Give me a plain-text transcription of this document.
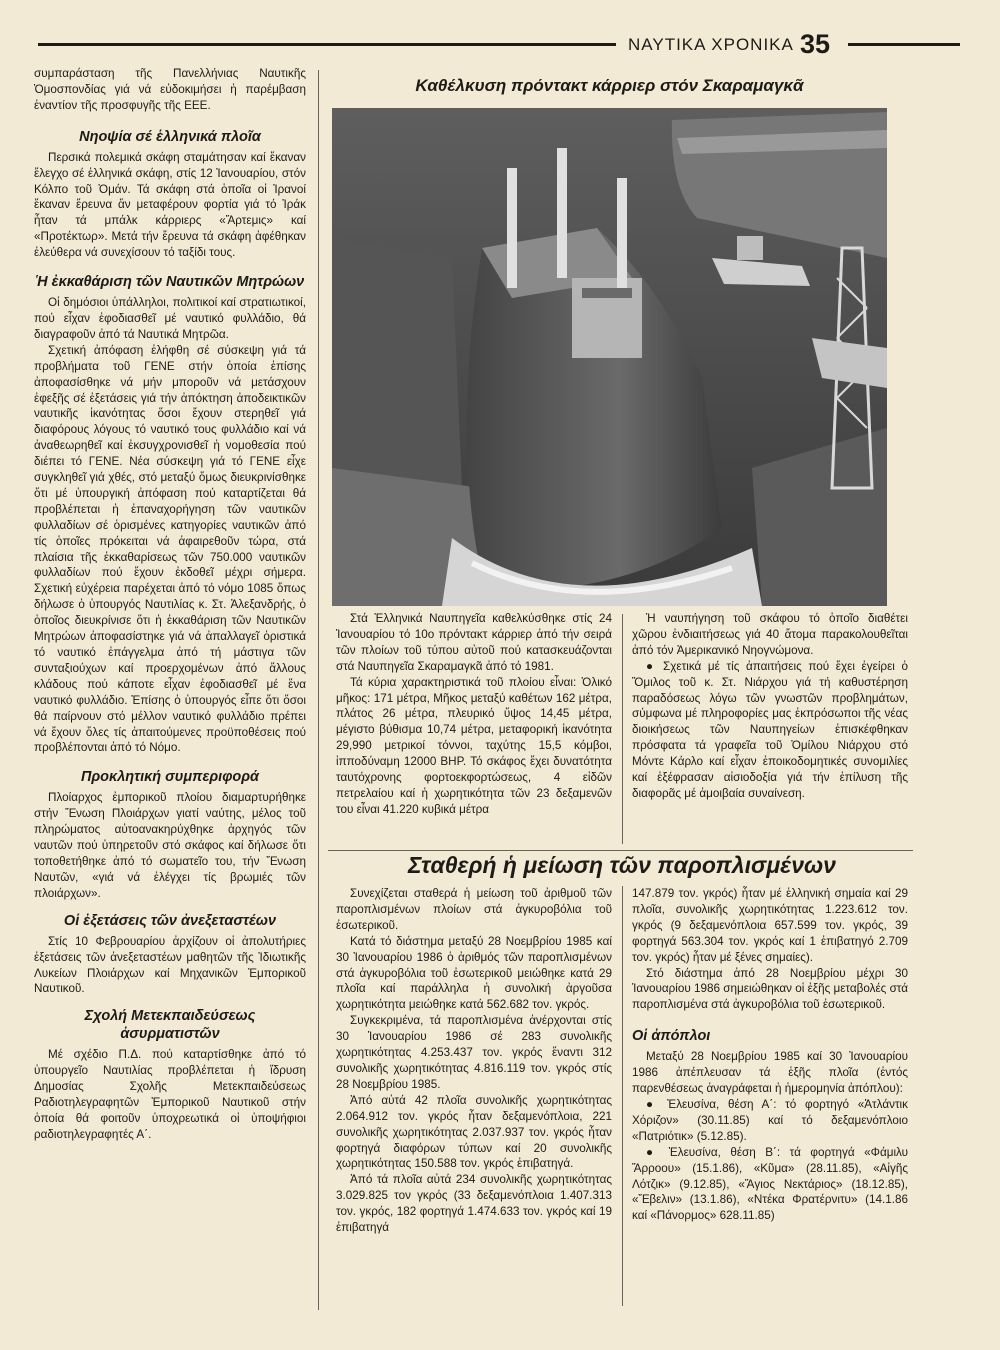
ΝΑΥΤΙΚΑ ΧΡΟΝΙΚΑ 35

συμπαράσταση τῆς Πανελλήνιας Ναυτικῆς Ὁμοσπονδίας γιά νά εὐδοκιμήσει ἡ παρέμβαση ἐναντίον τῆς προσφυγῆς τῆς ΕΕΕ.

Νηοψία σέ ἑλληνικά πλοῖα

Περσικά πολεμικά σκάφη σταμάτησαν καί ἔκαναν ἔλεγχο σέ ἑλληνικά σκάφη, στίς 12 Ἰανουαρίου, στόν Κόλπο τοῦ Ὀμάν. Τά σκάφη στά ὁποῖα οἱ Ἰρανοί ἔκαναν ἔρευνα ἄν μεταφέρουν φορτία γιά τό Ἰράκ ἦταν τά μπάλκ κάρριερς «Ἄρτεμις» καί «Προτέκτωρ». Μετά τήν ἔρευνα τά σκάφη ἀφέθηκαν ἐλεύθερα νά συνεχίσουν τό ταξίδι τους.

Ἡ ἐκκαθάριση τῶν Ναυτικῶν Μητρώων

Οἱ δημόσιοι ὑπάλληλοι, πολιτικοί καί στρατιωτικοί, πού εἶχαν ἐφοδιασθεῖ μέ ναυτικό φυλλάδιο, θά διαγραφοῦν ἀπό τά Ναυτικά Μητρῶα.

Σχετική ἀπόφαση ἐλήφθη σέ σύσκεψη γιά τά προβλήματα τοῦ ΓΕΝΕ στήν ὁποία ἐπίσης ἀποφασίσθηκε νά μήν μποροῦν νά μετάσχουν ἐφεξῆς σέ ἐξετάσεις γιά τήν ἀπόκτηση ἀποδεικτικῶν ναυτικῆς ἱκανότητας ὅσοι ἔχουν στερηθεῖ γιά διαφόρους λόγους τό ναυτικό τους φυλλάδιο καί νά ἀναθεωρηθεῖ καί ἐκσυγχρονισθεῖ ἡ νομοθεσία πού διέπει τό ΓΕΝΕ. Νέα σύσκεψη γιά τό ΓΕΝΕ εἶχε συγκληθεῖ γιά χθές, στό μεταξύ ὅμως διευκρινίσθηκε ὅτι μέ ὑπουργική ἀπόφαση πού καταρτίζεται θά προβλέπεται ἡ ἐπαναχορήγηση τῶν ναυτικῶν φυλλαδίων σέ ὁρισμένες κατηγορίες ναυτικῶν ἀπό τίς ὁποῖες πρόκειται νά ἀφαιρεθοῦν τώρα, στά πλαίσια τῆς ἐκκαθαρίσεως τῶν 750.000 ναυτικῶν φυλλαδίων πού ἔχουν ἐκδοθεῖ μέχρι σήμερα. Σχετική εὐχέρεια παρέχεται ἀπό τό νόμο 1085 ὅπως δήλωσε ὁ ὑπουργός Ναυτιλίας κ. Στ. Ἀλεξανδρής, ὁ ὁποῖος διευκρίνισε ὅτι ἡ ἐκκαθάριση τῶν Ναυτικῶν Μητρώων ἀποφασίστηκε γιά νά ἀπαλλαγεῖ ὁριστικά τό ναυτικό ἐπάγγελμα ἀπό τή μάστιγα τῶν συνταξιούχων καί προερχομένων ἀπό ἄλλους κλάδους πού κάποτε εἶχαν ἐφοδιασθεῖ μέ ἕνα ναυτικό φυλλάδιο. Ἐπίσης ὁ ὑπουργός εἶπε ὅτι ὅσοι θά παίρνουν στό μέλλον ναυτικό φυλλάδιο πρέπει νά ἔχουν ὅλες τίς ἀπαιτούμενες προϋποθέσεις πού προβλέπονται ἀπό τό Νόμο.

Προκλητική συμπεριφορά

Πλοίαρχος ἐμπορικοῦ πλοίου διαμαρτυρήθηκε στήν Ἔνωση Πλοιάρχων γιατί ναύτης, μέλος τοῦ πληρώματος αὐτοανακηρύχθηκε ἀρχηγός τῶν ναυτῶν πού ὑπηρετοῦν στό σκάφος καί δήλωσε ὅτι τοποθετήθηκε ἀπό τό σωματεῖο του, τήν Ἔνωση Ναυτῶν, «γιά νά ἐλέγχει τίς βρωμιές τῶν πλοιάρχων».

Οἱ ἐξετάσεις τῶν ἀνεξεταστέων

Στίς 10 Φεβρουαρίου ἀρχίζουν οἱ ἀπολυτήριες ἐξετάσεις τῶν ἀνεξεταστέων μαθητῶν τῆς Ἰδιωτικῆς Λυκείων Πλοιάρχων καί Μηχανικῶν Ἐμπορικοῦ Ναυτικοῦ.

Σχολή Μετεκπαιδεύσεως ἀσυρματιστῶν

Μέ σχέδιο Π.Δ. πού καταρτίσθηκε ἀπό τό ὑπουργεῖο Ναυτιλίας προβλέπεται ἡ ἵδρυση Δημοσίας Σχολῆς Μετεκπαιδεύσεως Ραδιοτηλεγραφητῶν Ἐμπορικοῦ Ναυτικοῦ στήν ὁποία θά φοιτοῦν ὑποχρεωτικά οἱ ὑποψήφιοι ραδιοτηλεγραφητές Α΄.

Καθέλκυση πρόντακτ κάρριερ στόν Σκαραμαγκᾶ

Στά Ἑλληνικά Ναυπηγεῖα καθελκύσθηκε στίς 24 Ἰανουαρίου τό 10ο πρόντακτ κάρριερ ἀπό τήν σειρά τῶν πλοίων τοῦ τύπου αὐτοῦ πού κατασκευάζονται στά Ναυπηγεῖα Σκαραμαγκᾶ ἀπό τό 1981.

Τά κύρια χαρακτηριστικά τοῦ πλοίου εἶναι: Ὁλικό μῆκος: 171 μέτρα, Μῆκος μεταξύ καθέτων 162 μέτρα, πλάτος 26 μέτρα, πλευρικό ὕψος 14,45 μέτρα, μέγιστο βύθισμα 10,74 μέτρα, μεταφορική ἱκανότητα 29,990 μετρικοί τόννοι, ταχύτης 15,5 κόμβοι, ἱπποδύναμη 12000 BHP. Τό σκάφος ἔχει δυνατότητα ταυτόχρονης φορτοεκφορτώσεως, 4 εἰδῶν πετρελαίου καί ἡ χωρητικότητα τῶν 23 δεξαμενῶν του εἶναι 41.220 κυβικά μέτρα

Ἡ ναυπήγηση τοῦ σκάφου τό ὁποῖο διαθέτει χῶρου ἐνδιαιτήσεως γιά 40 ἄτομα παρακολουθεῖται ἀπό τόν Ἀμερικανικό Νηογνώμονα.

● Σχετικά μέ τίς ἀπαιτήσεις πού ἔχει ἐγείρει ὁ Ὅμιλος τοῦ κ. Στ. Νιάρχου γιά τή καθυστέρηση παραδόσεως λόγω τῶν γνωστῶν προβλημάτων, σύμφωνα μέ πληροφορίες μας ἐκπρόσωποι τῆς νέας διοικήσεως τῶν Ναυπηγείων ἐπισκέφθηκαν πρόσφατα τά γραφεῖα τοῦ Ὀμίλου Νιάρχου στό Μόντε Κάρλο καί εἶχαν ἐποικοδομητικές συνομιλίες καί ἐξέφρασαν αἰσιοδοξία γιά τήν ἐπίλυση τῆς διαφορᾶς μέ ἀμοιβαία συναίνεση.

Σταθερή ἡ μείωση τῶν παροπλισμένων

Συνεχίζεται σταθερά ἡ μείωση τοῦ ἀριθμοῦ τῶν παροπλισμένων πλοίων στά ἀγκυροβόλια τοῦ ἐσωτερικοῦ.

Κατά τό διάστημα μεταξύ 28 Νοεμβρίου 1985 καί 30 Ἰανουαρίου 1986 ὁ ἀριθμός τῶν παροπλισμένων στά ἀγκυροβόλια τοῦ ἐσωτερικοῦ μειώθηκε κατά 29 πλοῖα καί παράλληλα ἡ συνολική ἀργοῦσα χωρητικότητα μειώθηκε κατά 562.682 τον. γκρός.

Συγκεκριμένα, τά παροπλισμένα ἀνέρχονται στίς 30 Ἰανουαρίου 1986 σέ 283 συνολικῆς χωρητικότητας 4.253.437 τον. γκρός ἔναντι 312 συνολικῆς χωρητικότητας 4.816.119 τον. γκρός στίς 28 Νοεμβρίου 1985.

Ἀπό αὐτά 42 πλοῖα συνολικῆς χωρητικότητας 2.064.912 τον. γκρός ἦταν δεξαμενόπλοια, 221 συνολικῆς χωρητικότητας 2.037.937 τον. γκρός ἦταν φορτηγά διαφόρων τύπων καί 20 συνολικῆς χωρητικότητας 150.588 τον. γκρός ἐπιβατηγά.

Ἀπό τά πλοῖα αὐτά 234 συνολικῆς χωρητικότητας 3.029.825 τον γκρός (33 δεξαμενόπλοια 1.407.313 τον. γκρός, 182 φορτηγά 1.474.633 τον. γκρός καί 19 ἐπιβατηγά

147.879 τον. γκρός) ἦταν μέ ἑλληνική σημαία καί 29 πλοῖα, συνολικῆς χωρητικότητας 1.223.612 τον. γκρός (9 δεξαμενόπλοια 657.599 τον. γκρός, 39 φορτηγά 563.304 τον. γκρός καί 1 ἐπιβατηγό 2.709 τον. γκρός) ἦταν μέ ξένες σημαίες).

Στό διάστημα ἀπό 28 Νοεμβρίου μέχρι 30 Ἰανουαρίου 1986 σημειώθηκαν οἱ ἑξῆς μεταβολές στά παροπλισμένα στά ἀγκυροβόλια τοῦ ἐσωτερικοῦ.

Οἱ ἀπόπλοι

Μεταξύ 28 Νοεμβρίου 1985 καί 30 Ἰανουαρίου 1986 ἀπέπλευσαν τά ἑξῆς πλοῖα (ἐντός παρενθέσεως ἀναγράφεται ἡ ἡμερομηνία ἀπόπλου):

● Ἐλευσίνα, θέση Α΄: τό φορτηγό «Ἀτλάντικ Χόριζον» (30.11.85) καί τό δεξαμενόπλοιο «Πατριότικ» (5.12.85).

● Ἐλευσίνα, θέση Β΄: τά φορτηγά «Φάμιλυ Ἄρροου» (15.1.86), «Κῦμα» (28.11.85), «Αἰγῆς Λότζικ» (9.12.85), «Ἅγιος Νεκτάριος» (18.12.85), «Ἔβελιν» (13.1.86), «Ντέκα Φρατέρνιτυ» (14.1.86 καί «Πάνορμος» 628.11.85)
